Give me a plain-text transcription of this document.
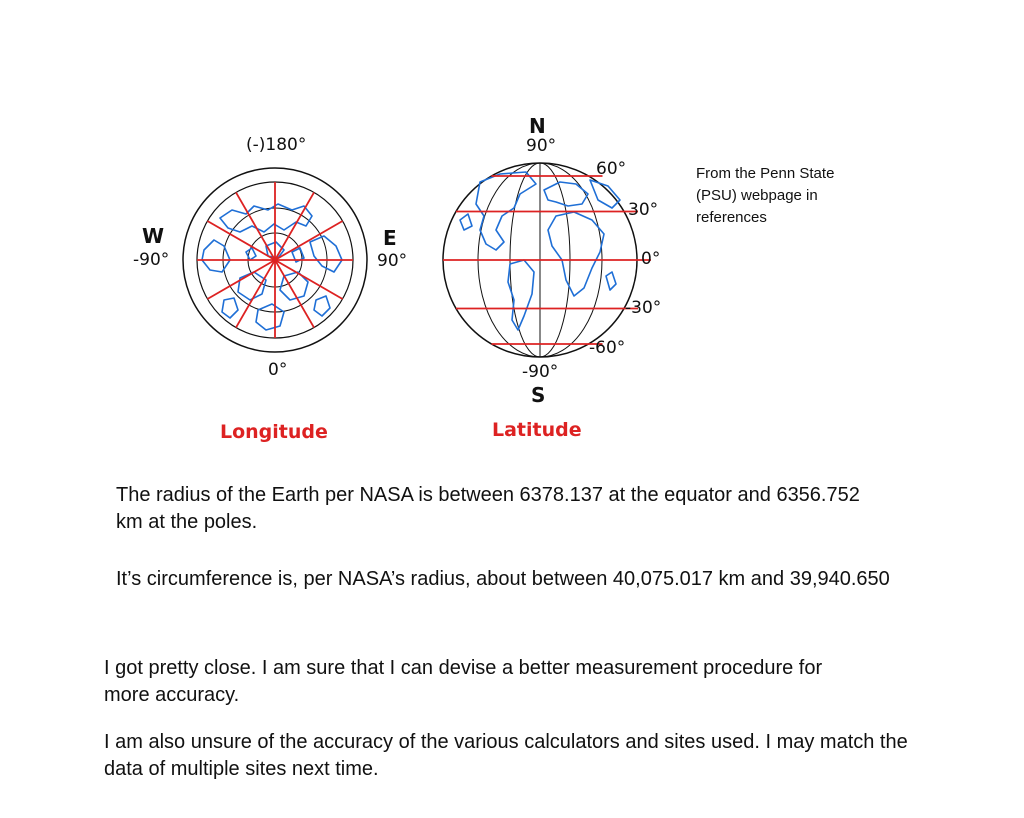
(-)180°
0°
W
-90°
E
90°
Longitude
N
90°
60°
30°
0°
-30°
-60°
-90°
S
Latitude
From the Penn State (PSU) webpage in references
The radius of the Earth per NASA is between 6378.137 at the equator and 6356.752 km at the poles.
It’s circumference is, per NASA’s radius, about between 40,075.017 km and 39,940.650
I got pretty close. I am sure that I can devise a better measurement procedure for more accuracy.
I am also unsure of the accuracy of the various calculators and sites used. I may match the data of multiple sites next time.
